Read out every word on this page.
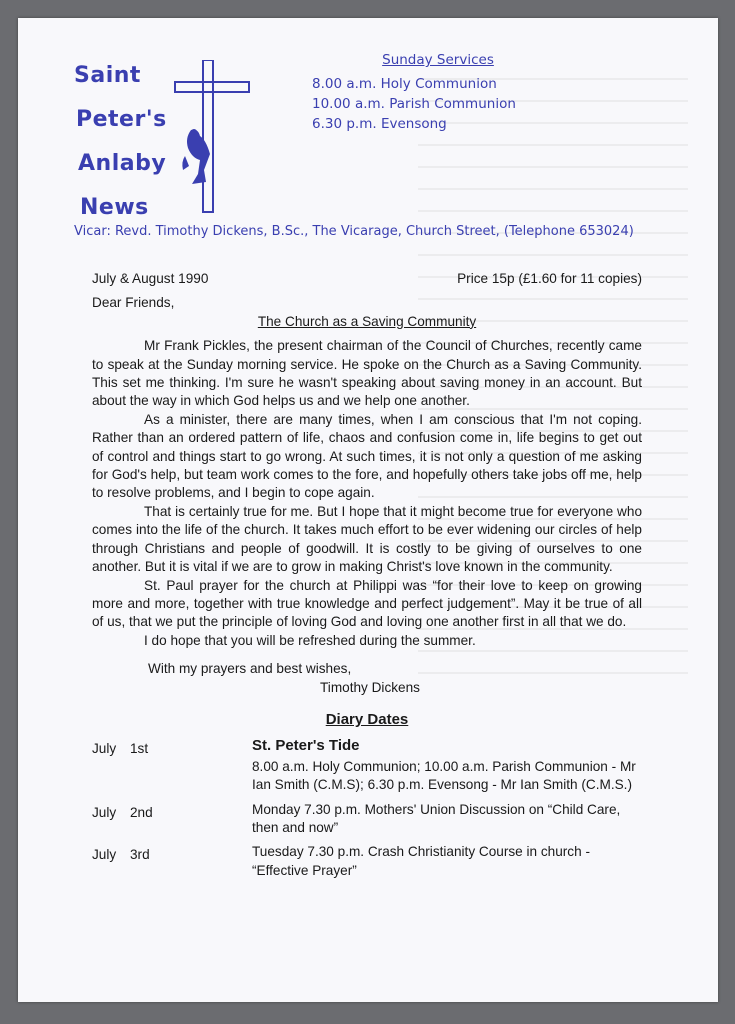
Saint
Peter's
Anlaby
News
Sunday Services
8.00 a.m. Holy Communion
10.00 a.m. Parish Communion
6.30 p.m. Evensong
Vicar: Revd. Timothy Dickens, B.Sc., The Vicarage, Church Street, (Telephone 653024)
July & August 1990	Price 15p (£1.60 for 11 copies)
Dear Friends,
The Church as a Saving Community

Mr Frank Pickles, the present chairman of the Council of Churches, recently came to speak at the Sunday morning service. He spoke on the Church as a Saving Community. This set me thinking. I'm sure he wasn't speaking about saving money in an account. But about the way in which God helps us and we help one another.

As a minister, there are many times, when I am conscious that I'm not coping. Rather than an ordered pattern of life, chaos and confusion come in, life begins to get out of control and things start to go wrong. At such times, it is not only a question of me asking for God's help, but team work comes to the fore, and hopefully others take jobs off me, help to resolve problems, and I begin to cope again.

That is certainly true for me. But I hope that it might become true for everyone who comes into the life of the church. It takes much effort to be ever widening our circles of help through Christians and people of goodwill. It is costly to be giving of ourselves to one another. But it is vital if we are to grow in making Christ's love known in the community.

St. Paul prayer for the church at Philippi was “for their love to keep on growing more and more, together with true knowledge and perfect judgement”. May it be true of all of us, that we put the principle of loving God and loving one another first in all that we do.

I do hope that you will be refreshed during the summer.

With my prayers and best wishes,
Timothy Dickens
Diary Dates
July 1st	St. Peter's Tide
8.00 a.m. Holy Communion; 10.00 a.m. Parish Communion - Mr Ian Smith (C.M.S); 6.30 p.m. Evensong - Mr Ian Smith (C.M.S.)
July 2nd	Monday 7.30 p.m. Mothers' Union Discussion on “Child Care, then and now”
July 3rd	Tuesday 7.30 p.m. Crash Christianity Course in church - “Effective Prayer”
